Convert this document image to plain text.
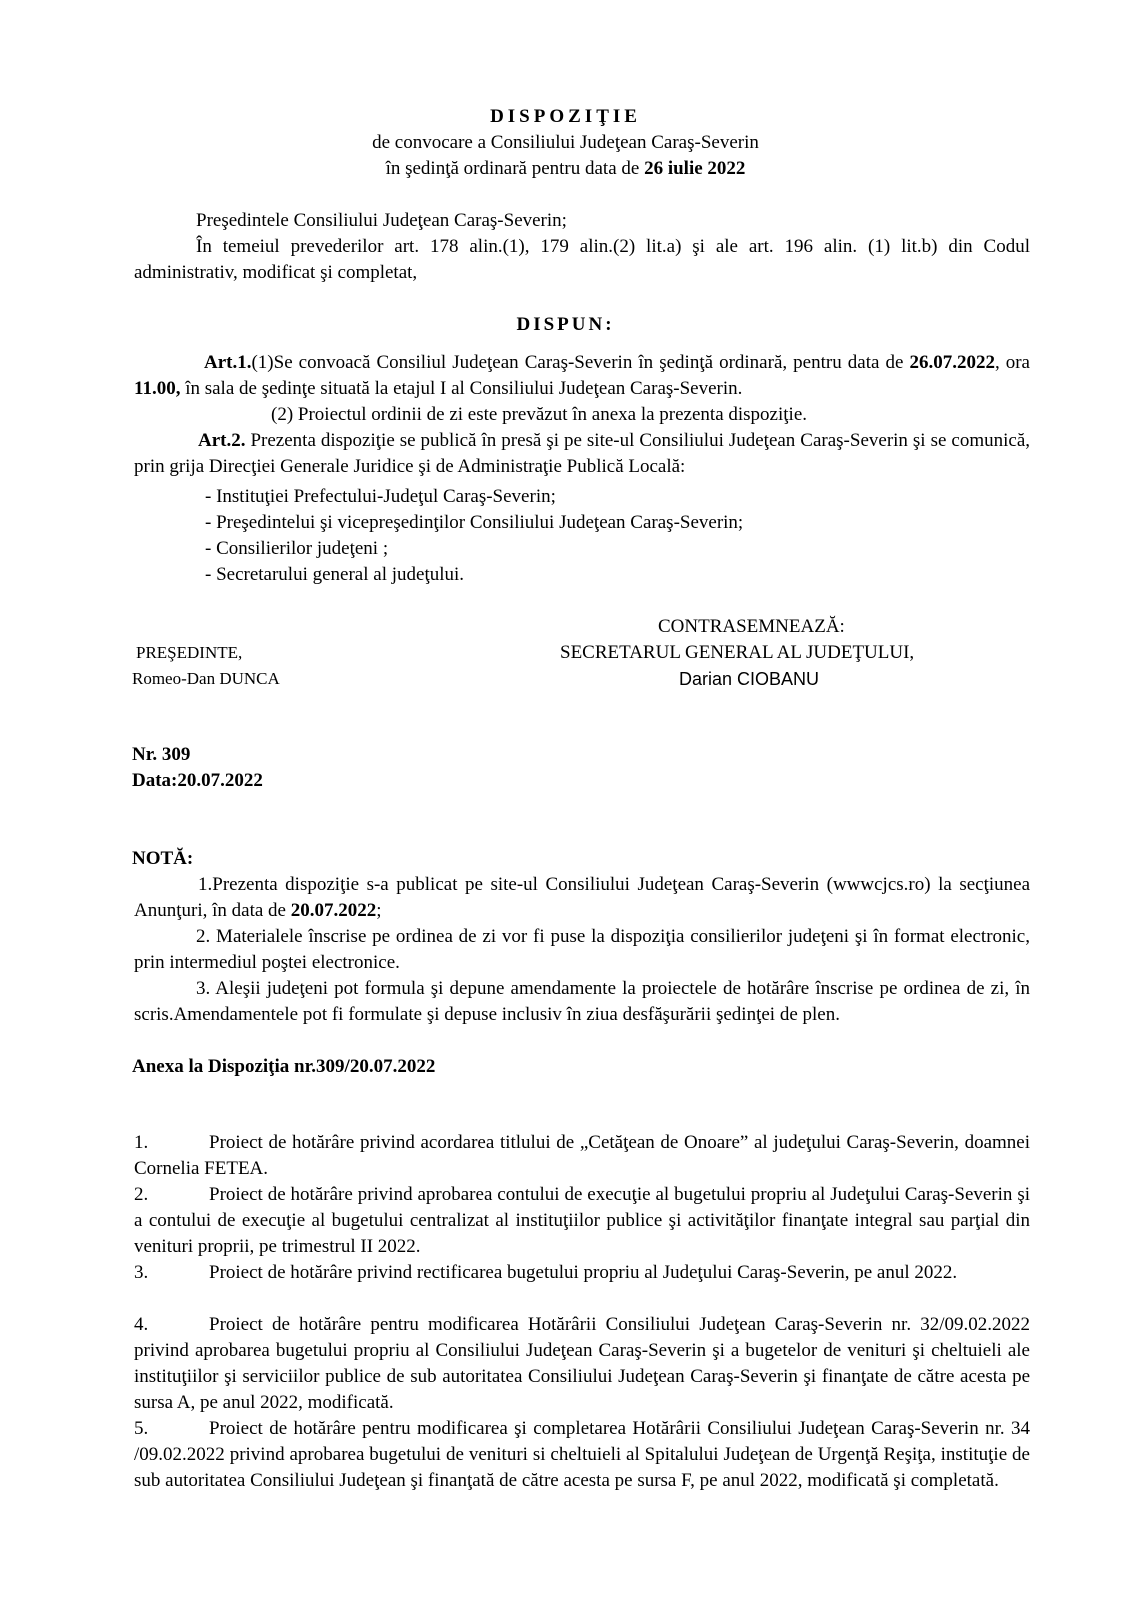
DISPOZIŢIE
de convocare a Consiliului Judeţean Caraş-Severin
în şedinţă ordinară pentru data de 26 iulie 2022
Preşedintele Consiliului Judeţean Caraş-Severin;
În temeiul prevederilor art. 178 alin.(1), 179 alin.(2) lit.a) şi ale art. 196 alin. (1) lit.b) din Codul administrativ, modificat şi completat,
DISPUN:
Art.1.(1)Se convoacă Consiliul Judeţean Caraş-Severin în şedinţă ordinară, pentru data de 26.07.2022, ora 11.00, în sala de şedinţe situată la etajul I al Consiliului Judeţean Caraş-Severin.
(2) Proiectul ordinii de zi este prevăzut în anexa la prezenta dispoziţie.
Art.2. Prezenta dispoziţie se publică în presă şi pe site-ul Consiliului Judeţean Caraş-Severin şi se comunică, prin grija Direcţiei Generale Juridice şi de Administraţie Publică Locală:
- Instituţiei Prefectului-Judeţul Caraş-Severin;
- Preşedintelui şi vicepreşedinţilor Consiliului Judeţean Caraş-Severin;
- Consilierilor judeţeni ;
- Secretarului general al judeţului.
CONTRASEMNEAZĂ:
PREŞEDINTE,
Romeo-Dan DUNCA
SECRETARUL GENERAL AL JUDEŢULUI,
Darian CIOBANU
Nr. 309
Data:20.07.2022
NOTĂ:
1.Prezenta dispoziţie s-a publicat pe site-ul Consiliului Judeţean Caraş-Severin (wwwcjcs.ro) la secţiunea Anunţuri, în data de 20.07.2022;
2. Materialele înscrise pe ordinea de zi vor fi puse la dispoziţia consilierilor judeţeni şi în format electronic, prin intermediul poştei electronice.
3. Aleşii judeţeni pot formula şi depune amendamente la proiectele de hotărâre înscrise pe ordinea de zi, în scris.Amendamentele pot fi formulate şi depuse inclusiv în ziua desfăşurării şedinţei de plen.
Anexa la Dispoziţia nr.309/20.07.2022
1.	Proiect de hotărâre privind acordarea titlului de „Cetăţean de Onoare” al judeţului Caraş-Severin, doamnei Cornelia FETEA.
2.	Proiect de hotărâre privind aprobarea contului de execuţie al bugetului propriu al Judeţului Caraş-Severin şi a contului de execuţie al bugetului centralizat al instituţiilor publice şi activităţilor finanţate integral sau parţial din venituri proprii, pe trimestrul II 2022.
3.	Proiect de hotărâre privind rectificarea bugetului propriu al Judeţului Caraş-Severin, pe anul 2022.
4.	Proiect de hotărâre pentru modificarea Hotărârii Consiliului Judeţean Caraş-Severin nr. 32/09.02.2022 privind aprobarea bugetului propriu al Consiliului Judeţean Caraş-Severin şi a bugetelor de venituri şi cheltuieli ale instituţiilor şi serviciilor publice de sub autoritatea Consiliului Judeţean Caraş-Severin şi finanţate de către acesta pe sursa A, pe anul 2022, modificată.
5.	Proiect de hotărâre pentru modificarea şi completarea Hotărârii Consiliului Judeţean Caraş-Severin nr. 34 /09.02.2022 privind aprobarea bugetului de venituri si cheltuieli al Spitalului Judeţean de Urgenţă Reşiţa, instituţie de sub autoritatea Consiliului Judeţean şi finanţată de către acesta pe sursa F, pe anul 2022, modificată şi completată.
